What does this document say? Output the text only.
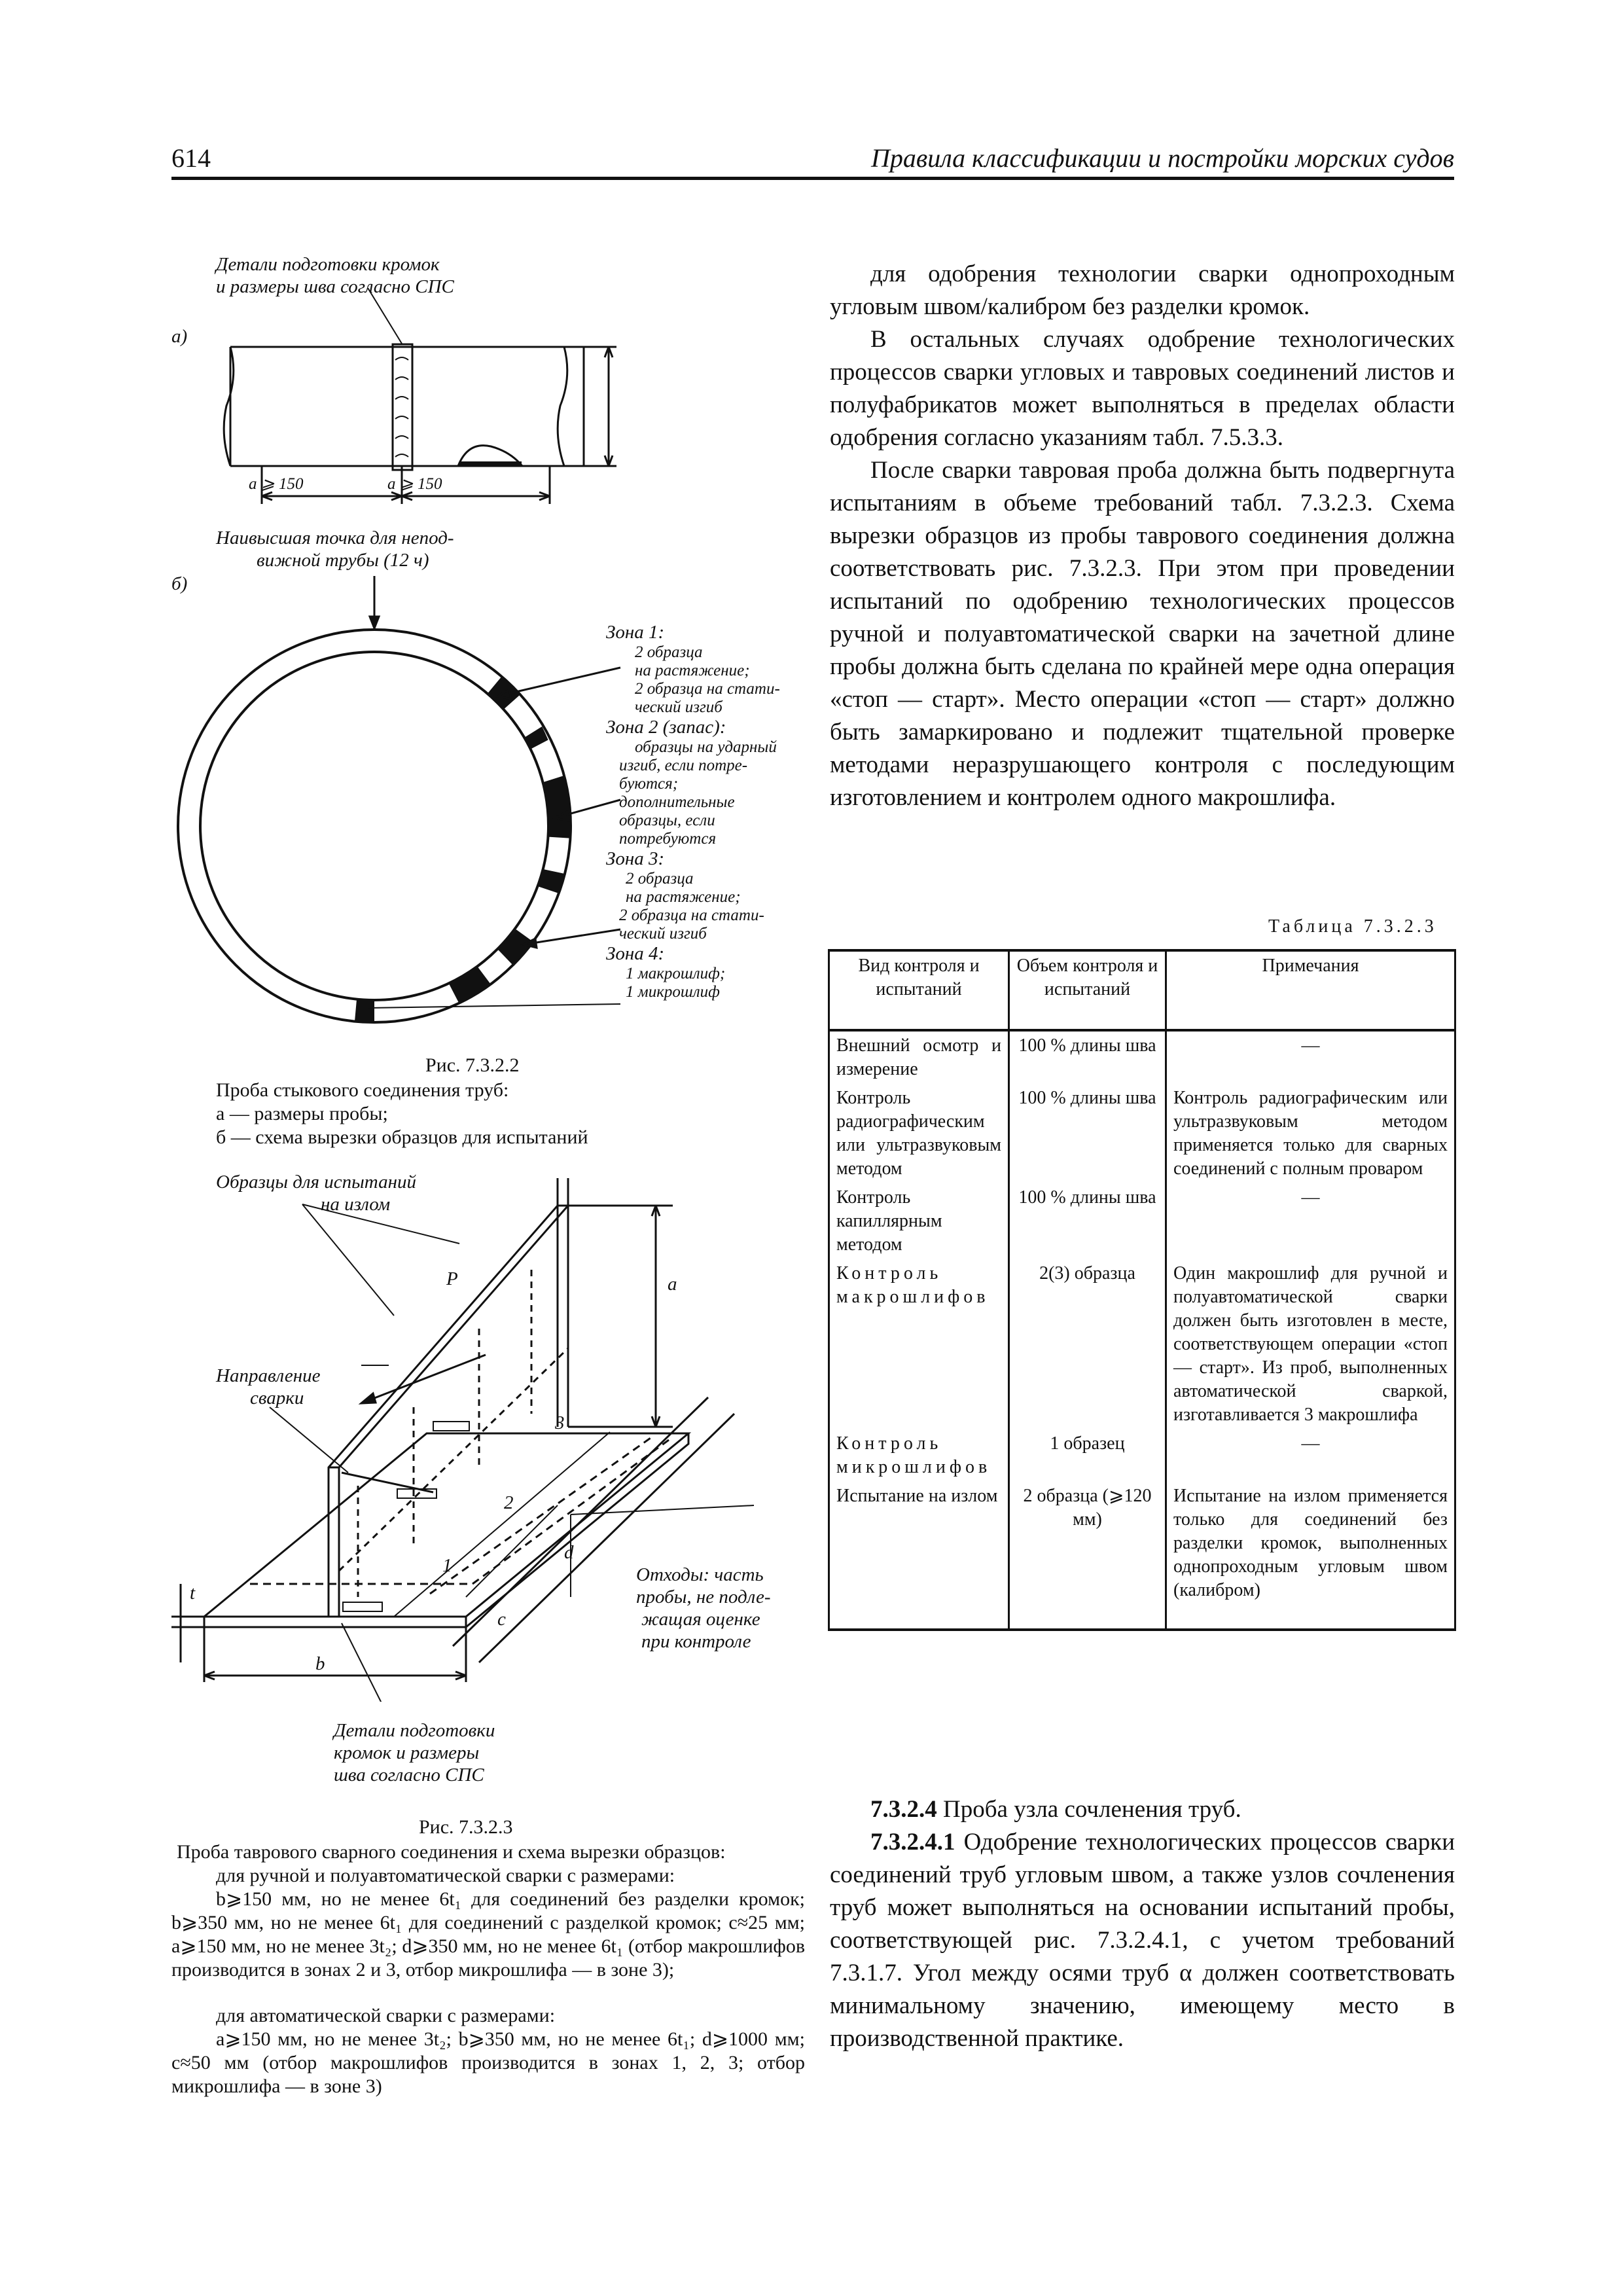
614	Правила классификации и постройки морских судов
Детали подготовки кромок
и размеры шва согласно СПС
а)
б)
a ⩾ 150	a ⩾ 150
Наивысшая точка для непод-
вижной трубы (12 ч)
Зона 1:
2 образца
на растяжение;
2 образца на стати-
ческий изгиб
Зона 2 (запас):
образцы на ударный
изгиб, если потре-
буются;
дополнительные
образцы, если
потребуются
Зона 3:
2 образца
на растяжение;
2 образца на стати-
ческий изгиб
Зона 4:
1 макрошлиф;
1 микрошлиф
Рис. 7.3.2.2
Проба стыкового соединения труб:
а — размеры пробы;
б — схема вырезки образцов для испытаний
Образцы для испытаний
на излом
Направление
сварки
P	a
b
c
d
t
1
2
3
Отходы: часть
пробы, не подле-
жащая оценке
при контроле
Детали подготовки
кромок и размеры
шва согласно СПС
Рис. 7.3.2.3
Проба таврового сварного соединения и схема вырезки образцов:
для ручной и полуавтоматической сварки с размерами:
b⩾150 мм, но не менее 6t₁ для соединений без разделки кромок; b⩾350 мм, но не менее 6t₁ для соединений с разделкой кромок; c≈25 мм; a⩾150 мм, но не менее 3t₂; d⩾350 мм, но не менее 6t₁ (отбор макрошлифов производится в зонах 2 и 3, отбор микрошлифа — в зоне 3);
для автоматической сварки с размерами:
a⩾150 мм, но не менее 3t₂; b⩾350 мм, но не менее 6t₁; d⩾1000 мм; c≈50 мм (отбор макрошлифов производится в зонах 1, 2, 3; отбор микрошлифа — в зоне 3)

для одобрения технологии сварки однопроходным угловым швом/калибром без разделки кромок.

В остальных случаях одобрение технологических процессов сварки угловых и тавровых соединений листов и полуфабрикатов может выполняться в пределах области одобрения согласно указаниям табл. 7.5.3.3.

После сварки тавровая проба должна быть подвергнута испытаниям в объеме требований табл. 7.3.2.3. Схема вырезки образцов из пробы таврового соединения должна соответствовать рис. 7.3.2.3. При этом при проведении испытаний по одобрению технологических процессов ручной и полуавтоматической сварки на зачетной длине пробы должна быть сделана по крайней мере одна операция «стоп — старт». Место операции «стоп — старт» должно быть замаркировано и подлежит тщательной проверке методами неразрушающего контроля с последующим изготовлением и контролем одного макрошлифа.

Таблица 7.3.2.3
Вид контроля и испытаний	Объем контроля и испытаний	Примечания
Внешний осмотр и измерение	100 % длины шва	—
Контроль радиографическим или ультразвуковым методом	100 % длины шва	Контроль радиографическим или ультразвуковым методом применяется только для сварных соединений с полным проваром
Контроль капиллярным методом	100 % длины шва	—
Контроль макрошлифов	2(3) образца	Один макрошлиф для ручной и полуавтоматической сварки должен быть изготовлен в месте, соответствующем операции «стоп — старт». Из проб, выполненных автоматической сваркой, изготавливается 3 макрошлифа
Контроль микрошлифов	1 образец	—
Испытание на излом	2 образца (⩾120 мм)	Испытание на излом применяется только для соединений без разделки кромок, выполненных однопроходным угловым швом (калибром)

7.3.2.4 Проба узла сочленения труб.

7.3.2.4.1 Одобрение технологических процессов сварки соединений труб угловым швом, а также узлов сочленения труб может выполняться на основании испытаний пробы, соответствующей рис. 7.3.2.4.1, с учетом требований 7.3.1.7. Угол между осями труб α должен соответствовать минимальному значению, имеющему место в производственной практике.
